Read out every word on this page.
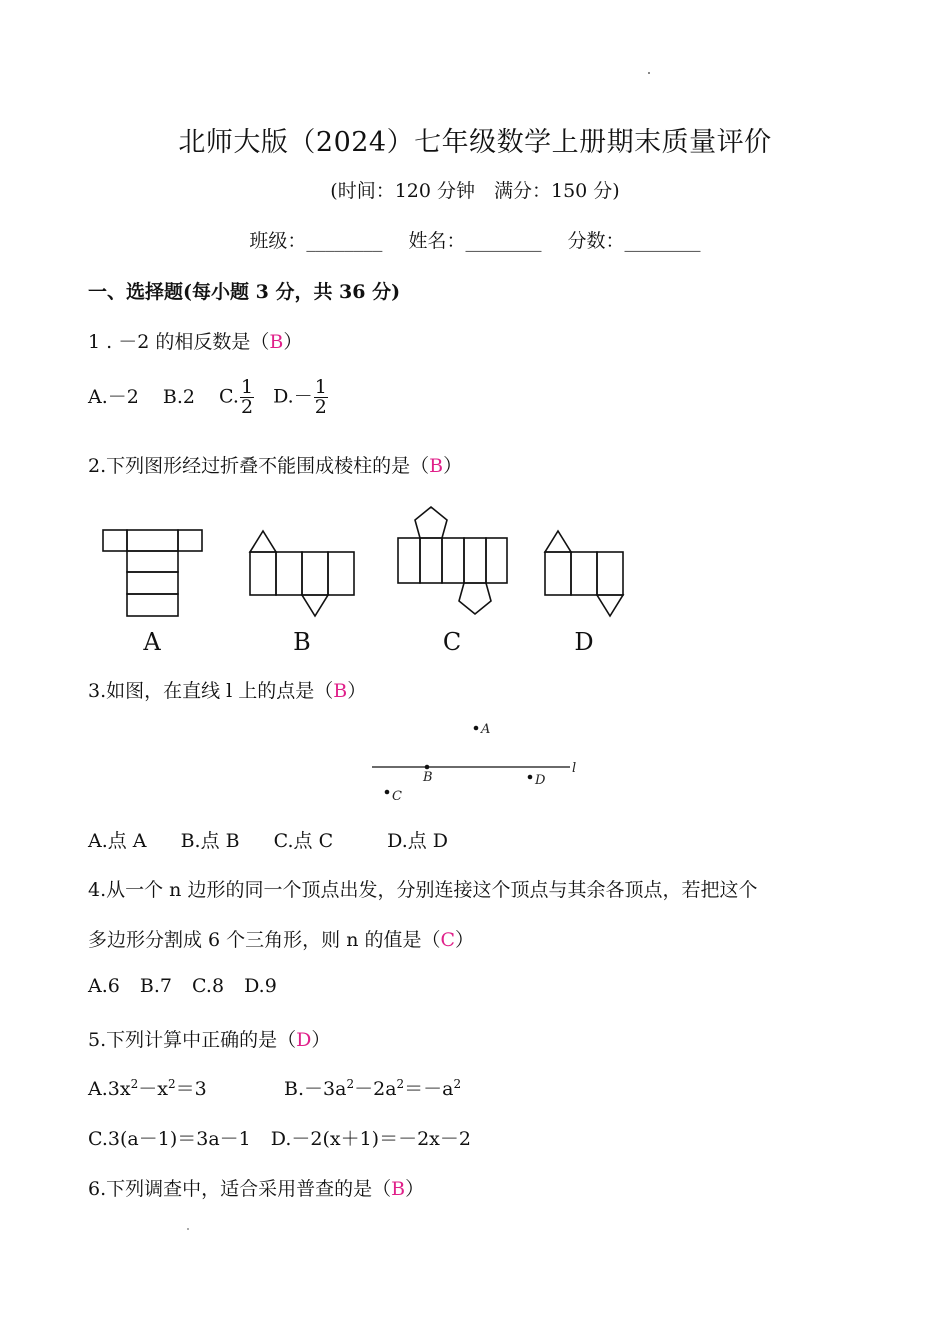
北师大版（2024）七年级数学上册期末质量评价
(时间：120 分钟　满分：150 分)
班级：________ 姓名：________ 分数：________
一、选择题(每小题 3 分，共 36 分)
1 . －2 的相反数是（B）
A.－2 B.2 C. $\frac{1}{2} D.- \frac{1}{2}$
2.下列图形经过折叠不能围成棱柱的是（B）
A	B	C	D
3.如图，在直线 l 上的点是（B）
A
B
C
D
l
A.点 A B.点 B C.点 C	D.点 D
4.从一个 n 边形的同一个顶点出发，分别连接这个顶点与其余各顶点，若把这个
多边形分割成 6 个三角形，则 n 的值是（C）
A.6 B.7 C.8 D.9
5.下列计算中正确的是（D）
$A.3x^2-x^2=3$	$B.-3a^2-2a^2=-a^2$
C.3(a－1)＝3a－1 D.－2(x＋1)＝－2x－2
6.下列调查中，适合采用普查的是（B）
